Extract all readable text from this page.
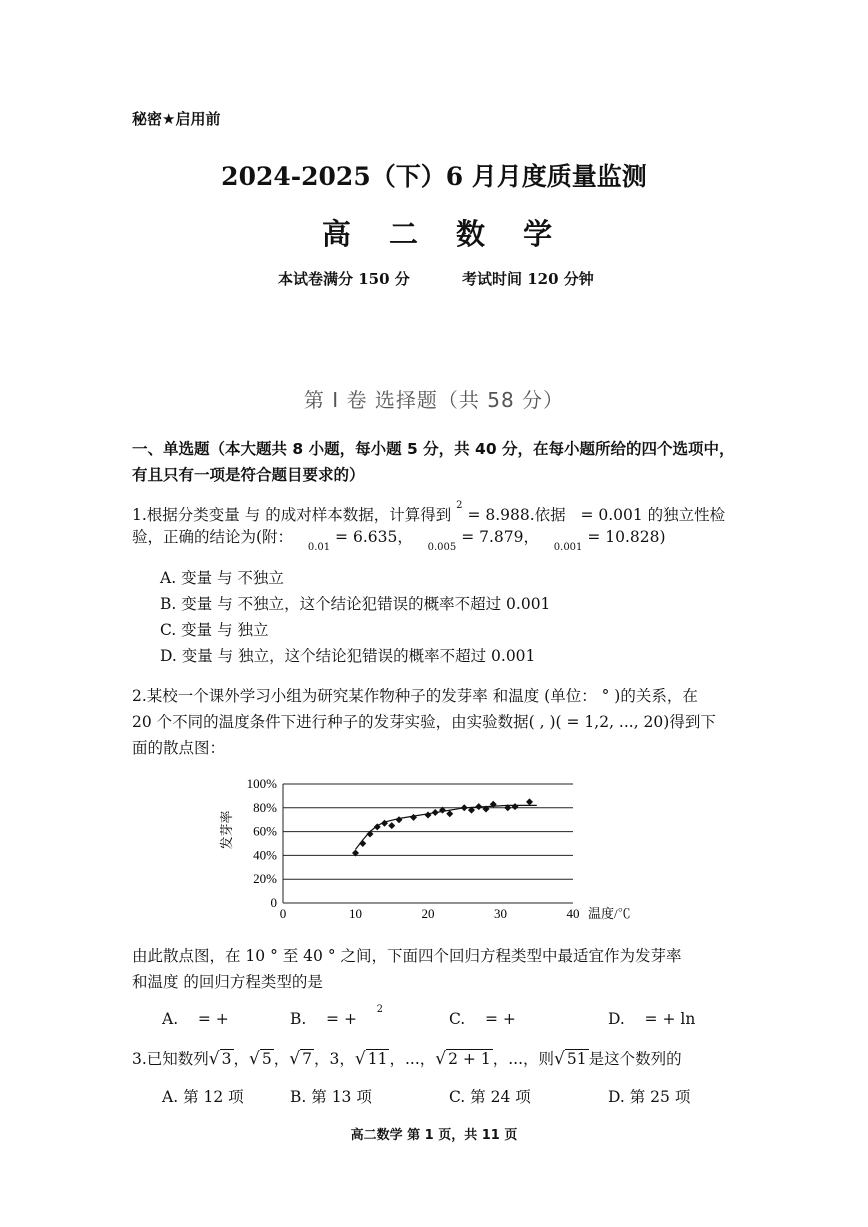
秘密★启用前
2024-2025（下）6 月月度质量监测
高 二 数 学
本试卷满分 150 分	考试时间 120 分钟
第 Ⅰ 卷 选择题（共 58 分）
一、单选题（本大题共 8 小题，每小题 5 分，共 40 分，在每小题所给的四个选项中，有且只有一项是符合题目要求的）
1.根据分类变量 与 的成对样本数据，计算得到 $^2$ = 8.988.依据 = 0.001 的独立性检
验，正确的结论为(附：   $_{0.01}$ = 6.635，   $_{0.005}$ = 7.879，   $_{0.001}$ = 10.828)
A. 变量 与 不独立
B. 变量 与 不独立，这个结论犯错误的概率不超过 0.001
C. 变量 与 独立
D. 变量 与 独立，这个结论犯错误的概率不超过 0.001
2.某校一个课外学习小组为研究某作物种子的发芽率 和温度 (单位： ° )的关系，在
20 个不同的温度条件下进行种子的发芽实验，由实验数据( , )( = 1,2, ..., 20)得到下
面的散点图：
0
20%
40%
60%
80%
100%
0	10	20	30	40
发芽率
温度/℃
由此散点图，在 10 ° 至 40 ° 之间，下面四个回归方程类型中最适宜作为发芽率
和温度 的回归方程类型的是
A. = +	B. = +    $^2$
C. = +	D. = + ln
3.已知数列√ 3 ，√ 5 ，√ 7 ，3，√ 11 ，...，√ 2 + 1 ，...，则√ 51 是这个数列的
A. 第 12 项	B. 第 13 项	C. 第 24 项	D. 第 25 项
高二数学 第 1 页，共 11 页
